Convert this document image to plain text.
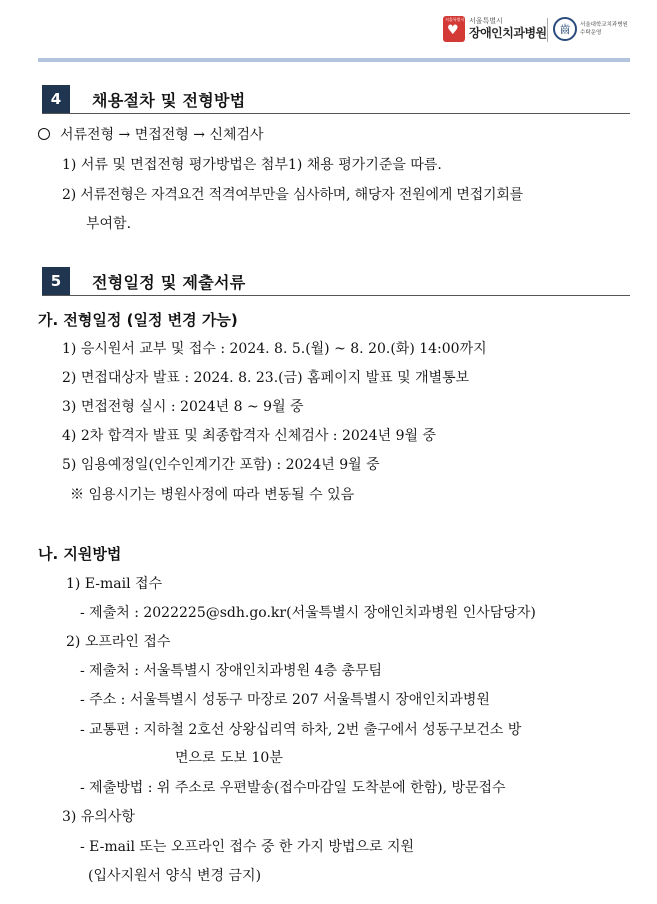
서울특별시
♥
서울특별시
장애인치과병원	齒	서울대학교치과병원
수탁운영
4	채용절차 및 전형방법
서류전형 → 면접전형 → 신체검사
1) 서류 및 면접전형 평가방법은 첨부1) 채용 평가기준을 따름.
2) 서류전형은 자격요건 적격여부만을 심사하며, 해당자 전원에게 면접기회를
부여함.
5	전형일정 및 제출서류
가. 전형일정 (일정 변경 가능)
1) 응시원서 교부 및 접수 : 2024. 8. 5.(월) ~ 8. 20.(화) 14:00까지
2) 면접대상자 발표 : 2024. 8. 23.(금) 홈페이지 발표 및 개별통보
3) 면접전형 실시 : 2024년 8 ~ 9월 중
4) 2차 합격자 발표 및 최종합격자 신체검사 : 2024년 9월 중
5) 임용예정일(인수인계기간 포함) : 2024년 9월 중
※ 임용시기는 병원사정에 따라 변동될 수 있음
나. 지원방법
1) E-mail 접수
- 제출처 : 2022225@sdh.go.kr(서울특별시 장애인치과병원 인사담당자)
2) 오프라인 접수
- 제출처 : 서울특별시 장애인치과병원 4층 총무팀
- 주소 : 서울특별시 성동구 마장로 207 서울특별시 장애인치과병원
- 교통편 : 지하철 2호선 상왕십리역 하차, 2번 출구에서 성동구보건소 방
면으로 도보 10분
- 제출방법 : 위 주소로 우편발송(접수마감일 도착분에 한함), 방문접수
3) 유의사항
- E-mail 또는 오프라인 접수 중 한 가지 방법으로 지원
(입사지원서 양식 변경 금지)
